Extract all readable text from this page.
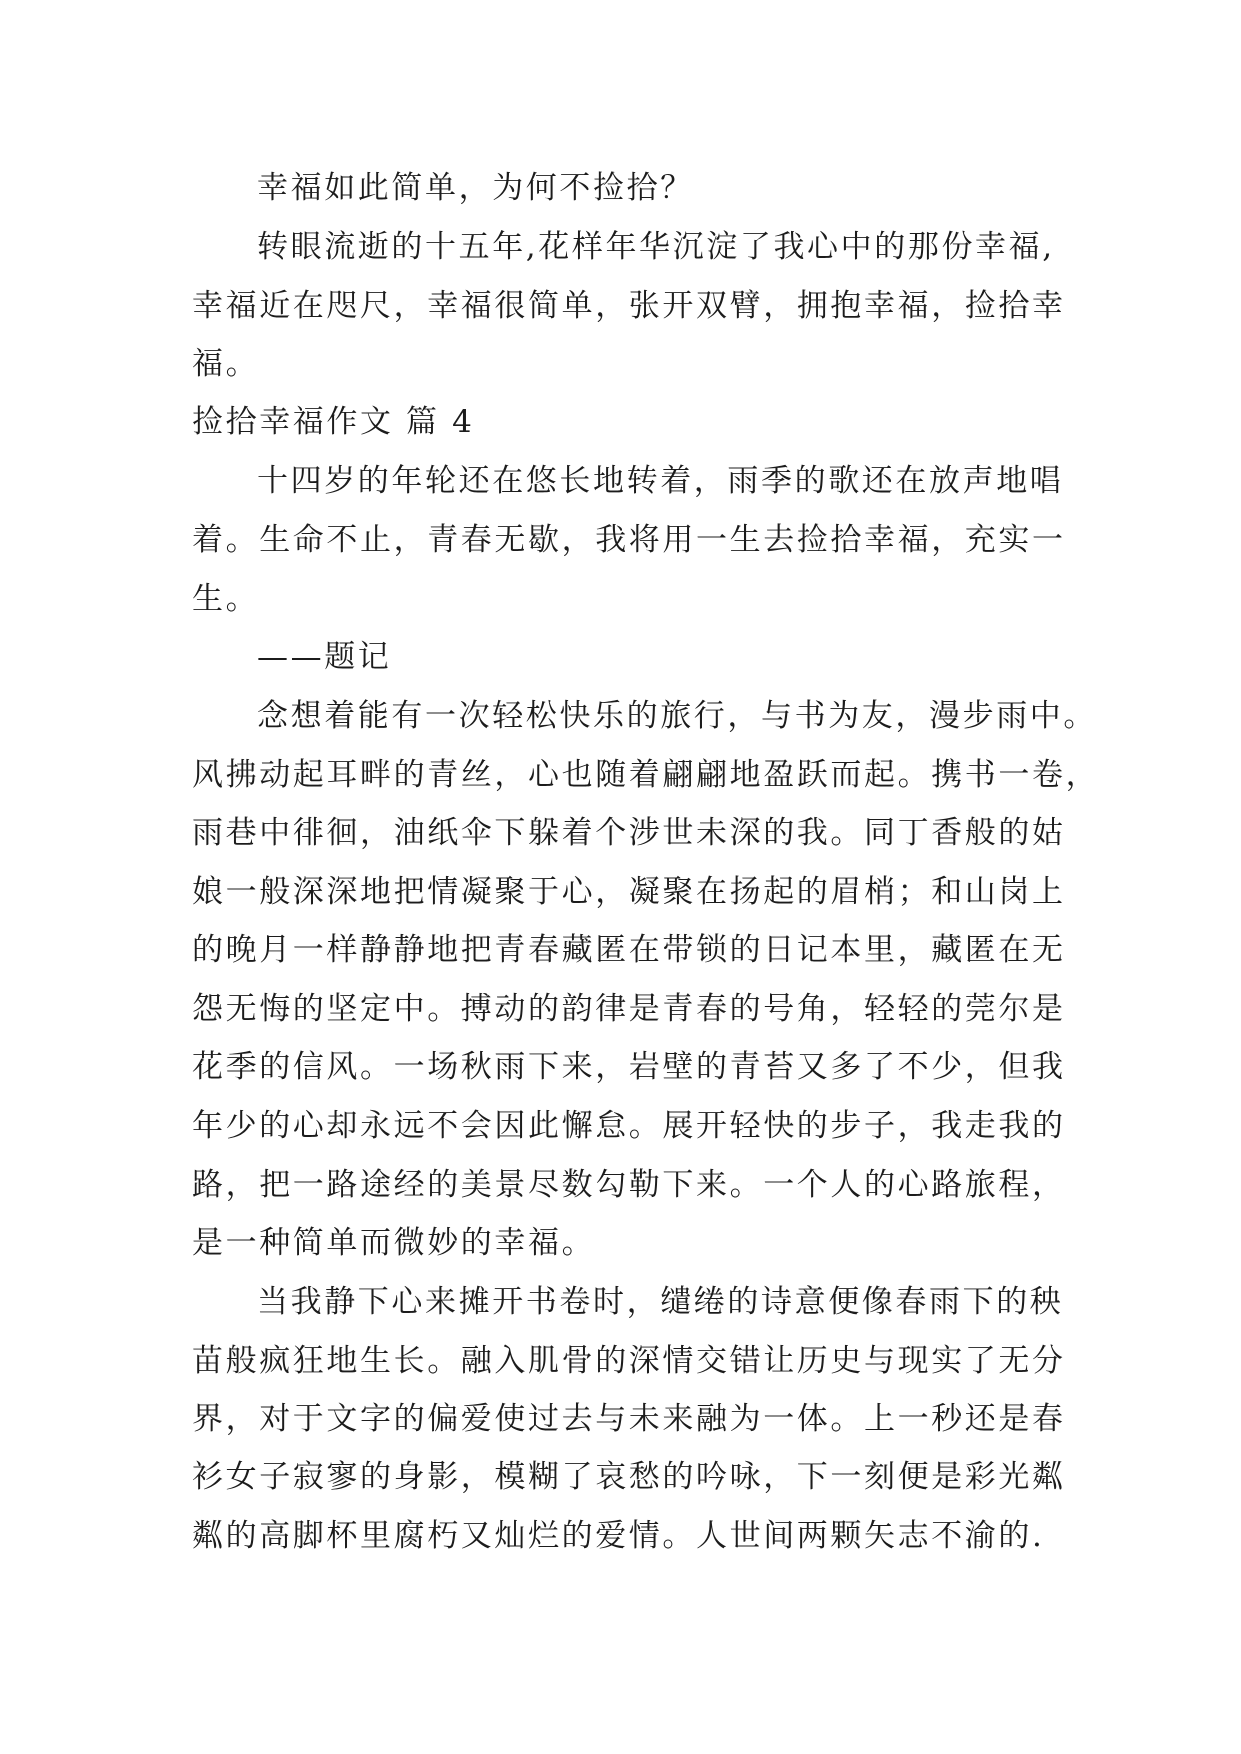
幸福如此简单，为何不捡拾？

转眼流逝的十五年,花样年华沉淀了我心中的那份幸福,

幸福近在咫尺，幸福很简单，张开双臂，拥抱幸福，捡拾幸

福。

捡拾幸福作文 篇 4

十四岁的年轮还在悠长地转着，雨季的歌还在放声地唱

着。生命不止，青春无歇，我将用一生去捡拾幸福，充实一

生。

——题记

念想着能有一次轻松快乐的旅行，与书为友，漫步雨中。

风拂动起耳畔的青丝，心也随着翩翩地盈跃而起。携书一卷，

雨巷中徘徊，油纸伞下躲着个涉世未深的我。同丁香般的姑

娘一般深深地把情凝聚于心，凝聚在扬起的眉梢；和山岗上

的晚月一样静静地把青春藏匿在带锁的日记本里，藏匿在无

怨无悔的坚定中。搏动的韵律是青春的号角，轻轻的莞尔是

花季的信风。一场秋雨下来，岩壁的青苔又多了不少，但我

年少的心却永远不会因此懈怠。展开轻快的步子，我走我的

路，把一路途经的美景尽数勾勒下来。一个人的心路旅程，

是一种简单而微妙的幸福。

当我静下心来摊开书卷时，缱绻的诗意便像春雨下的秧

苗般疯狂地生长。融入肌骨的深情交错让历史与现实了无分

界，对于文字的偏爱使过去与未来融为一体。上一秒还是春

衫女子寂寥的身影，模糊了哀愁的吟咏，下一刻便是彩光粼

粼的高脚杯里腐朽又灿烂的爱情。人世间两颗矢志不渝的.
